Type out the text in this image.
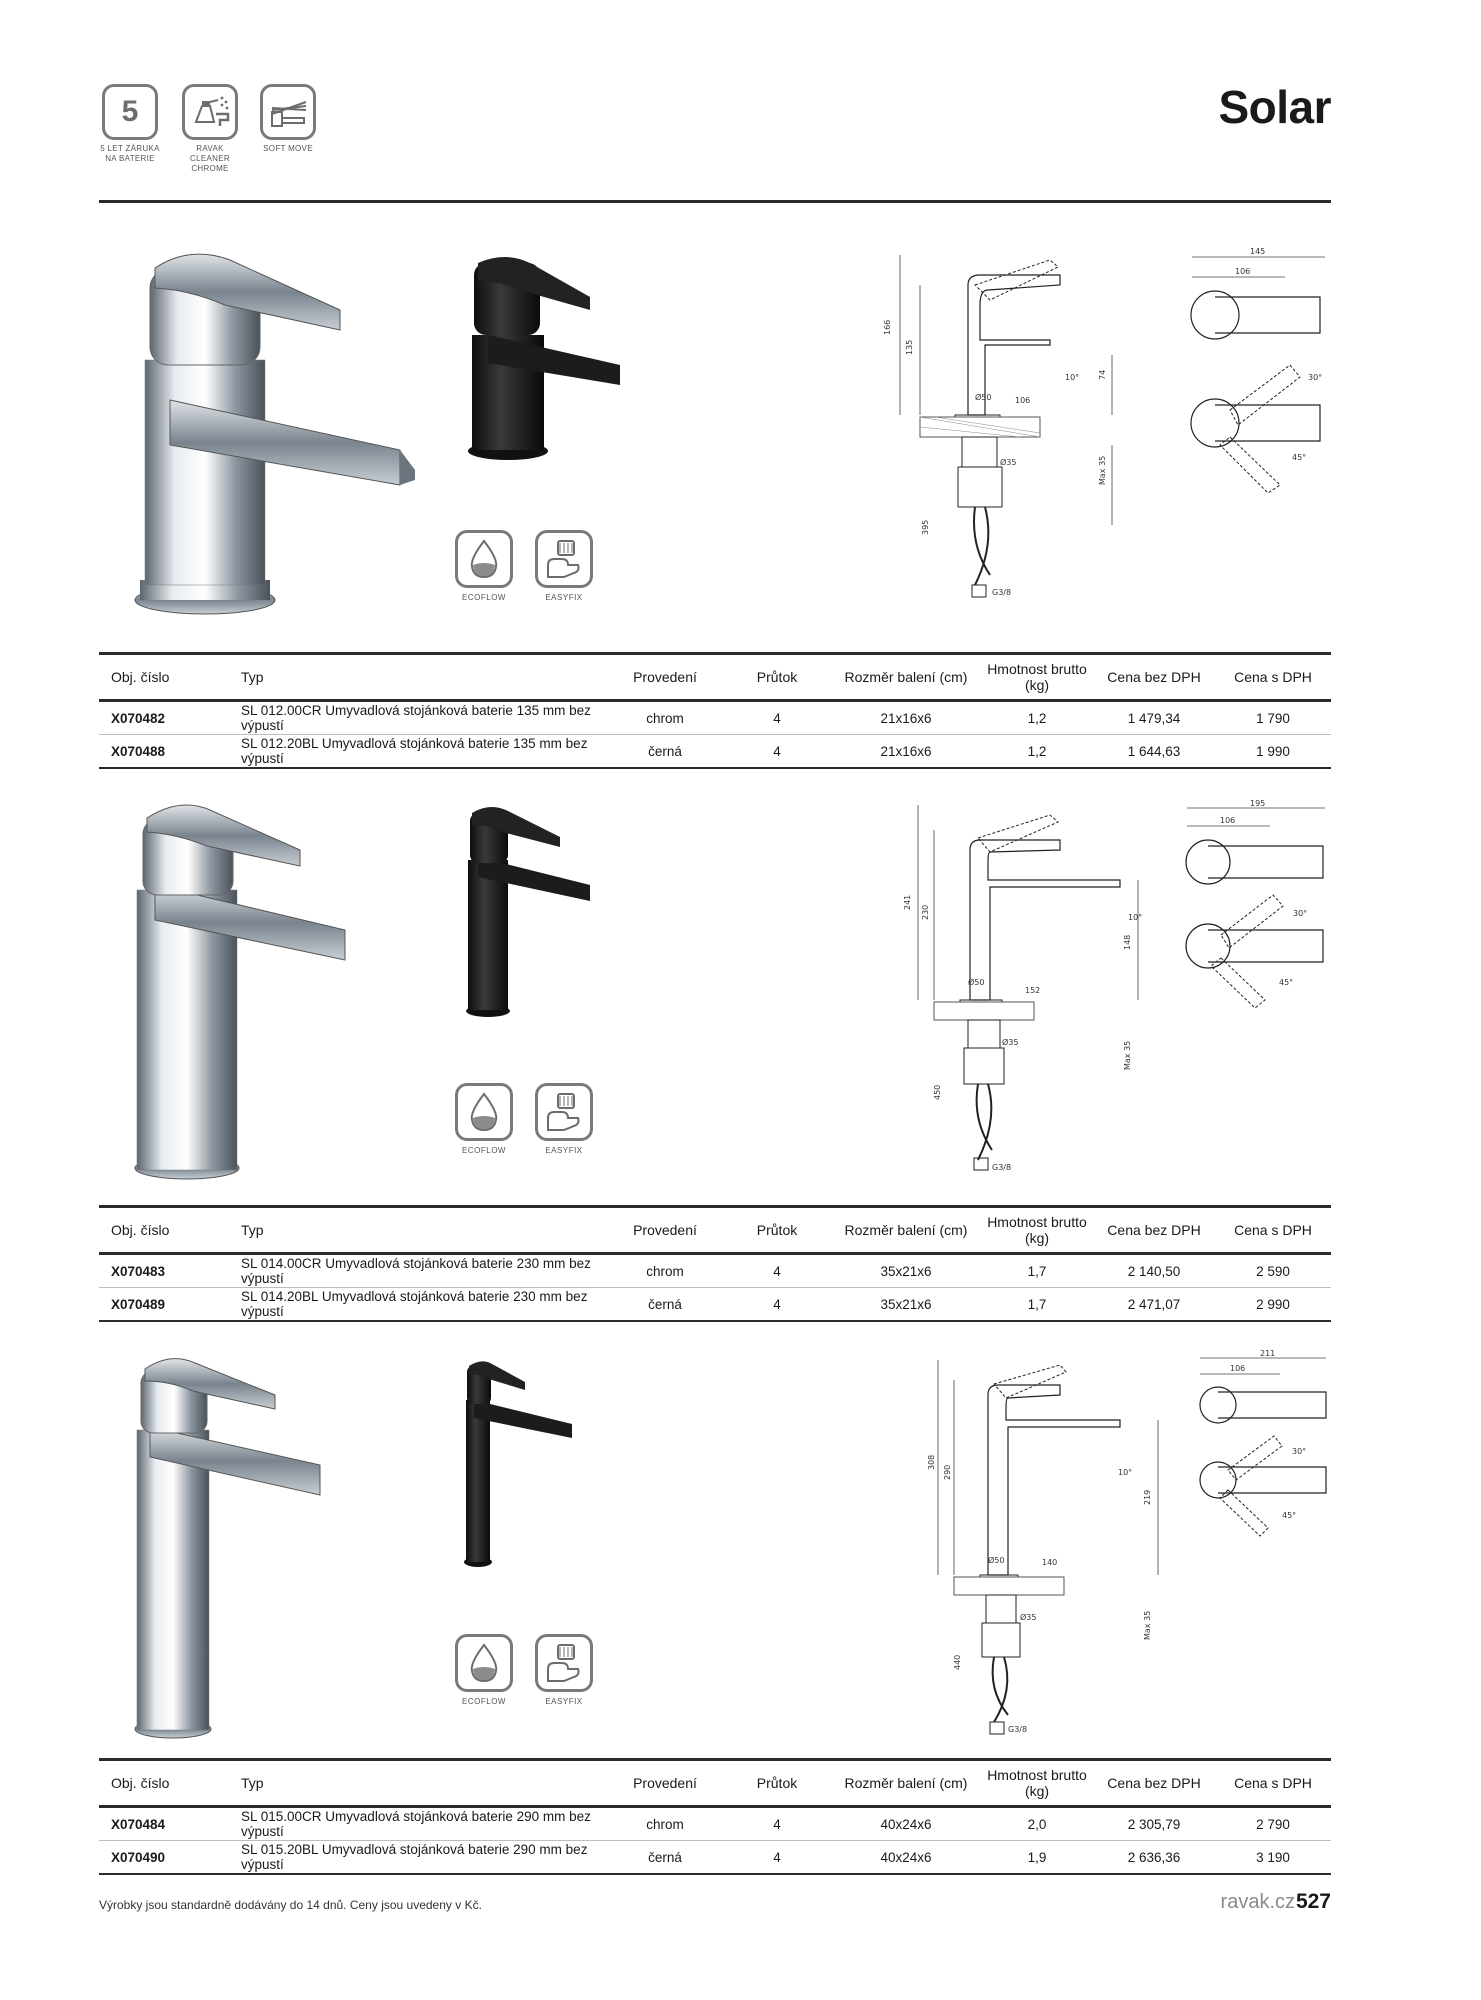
5
5 LET ZÁRUKA
NA BATERIE
RAVAK
CLEANER
CHROME
SOFT MOVE
Solar
ECOFLOW	EASYFIX
166
135
G3/8
Ø35
Ø50	106
74
Max 35
395
10°
145
106
30°
45°
Obj. číslo	Typ	Provedení	Průtok	Rozměr balení (cm)	Hmotnost brutto (kg)	Cena bez DPH	Cena s DPH
X070482	SL 012.00CR Umyvadlová stojánková baterie 135 mm bez výpustí	chrom	4	21x16x6	1,2	1 479,34	1 790
X070488	SL 012.20BL Umyvadlová stojánková baterie 135 mm bez výpustí	černá	4	21x16x6	1,2	1 644,63	1 990
ECOFLOW	EASYFIX
241
230
G3/8
Ø35
Ø50
152
148
Max 35
450
10°
195
106
30°
45°
Obj. číslo	Typ	Provedení	Průtok	Rozměr balení (cm)	Hmotnost brutto (kg)	Cena bez DPH	Cena s DPH
X070483	SL 014.00CR Umyvadlová stojánková baterie 230 mm bez výpustí	chrom	4	35x21x6	1,7	2 140,50	2 590
X070489	SL 014.20BL Umyvadlová stojánková baterie 230 mm bez výpustí	černá	4	35x21x6	1,7	2 471,07	2 990
ECOFLOW	EASYFIX
308
290
G3/8
Ø35
Ø50	140
219
Max 35
440
10°
211
106
30°
45°
Obj. číslo	Typ	Provedení	Průtok	Rozměr balení (cm)	Hmotnost brutto (kg)	Cena bez DPH	Cena s DPH
X070484	SL 015.00CR Umyvadlová stojánková baterie 290 mm bez výpustí	chrom	4	40x24x6	2,0	2 305,79	2 790
X070490	SL 015.20BL Umyvadlová stojánková baterie 290 mm bez výpustí	černá	4	40x24x6	1,9	2 636,36	3 190
Výrobky jsou standardně dodávány do 14 dnů. Ceny jsou uvedeny v Kč.	ravak.cz 527
